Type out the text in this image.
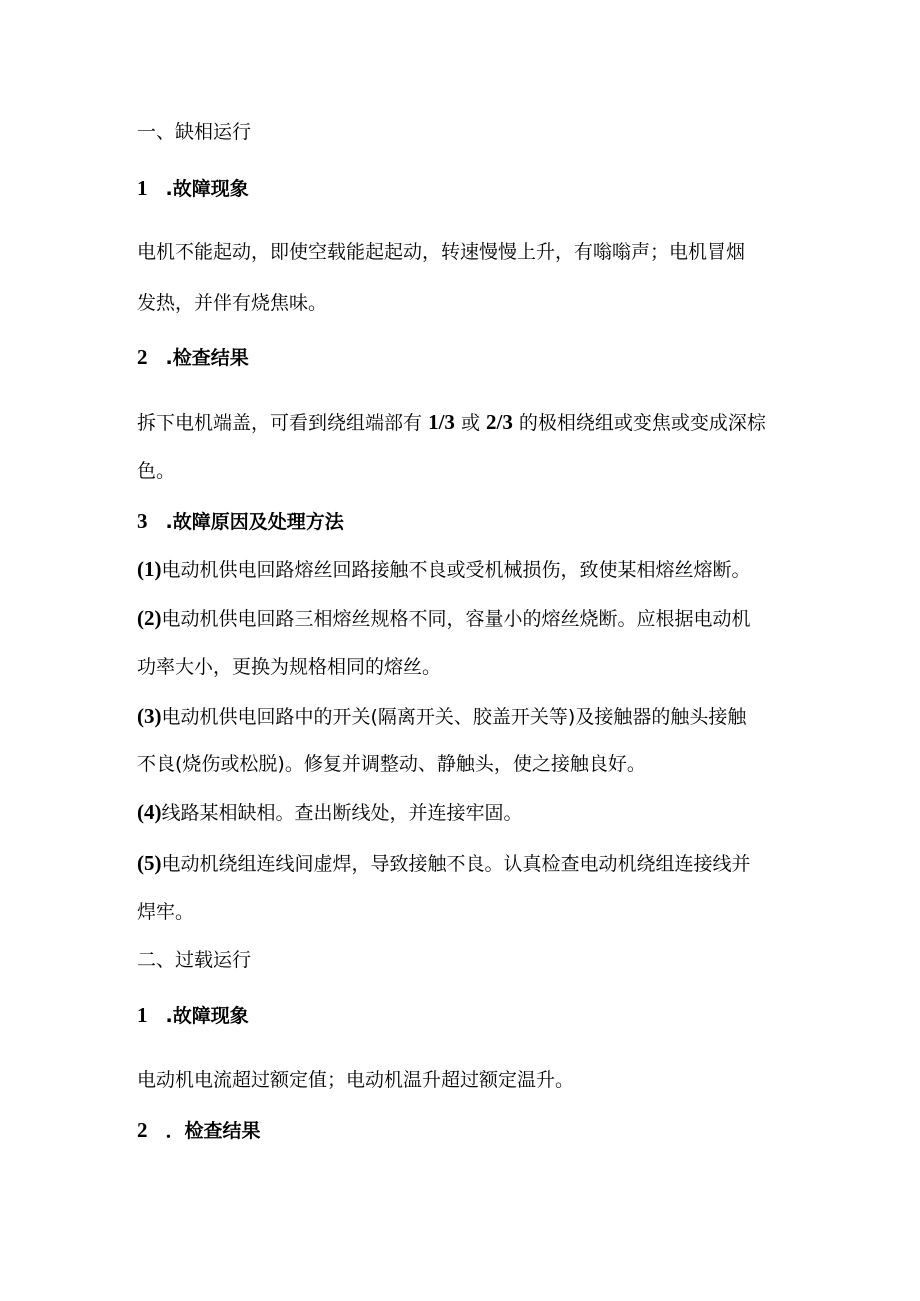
一、缺相运行
1 .故障现象
电机不能起动，即使空载能起起动，转速慢慢上升，有嗡嗡声；电机冒烟
发热，并伴有烧焦味。
2 .检查结果
拆下电机端盖，可看到绕组端部有 1/3 或 2/3 的极相绕组或变焦或变成深棕
色。
3 .故障原因及处理方法
(1)电动机供电回路熔丝回路接触不良或受机械损伤，致使某相熔丝熔断。
(2)电动机供电回路三相熔丝规格不同，容量小的熔丝烧断。应根据电动机
功率大小，更换为规格相同的熔丝。
(3)电动机供电回路中的开关(隔离开关、胶盖开关等)及接触器的触头接触
不良(烧伤或松脱)。修复并调整动、静触头，使之接触良好。
(4)线路某相缺相。查出断线处，并连接牢固。
(5)电动机绕组连线间虚焊，导致接触不良。认真检查电动机绕组连接线并
焊牢。
二、过载运行
1 .故障现象
电动机电流超过额定值；电动机温升超过额定温升。
2 ．检查结果
